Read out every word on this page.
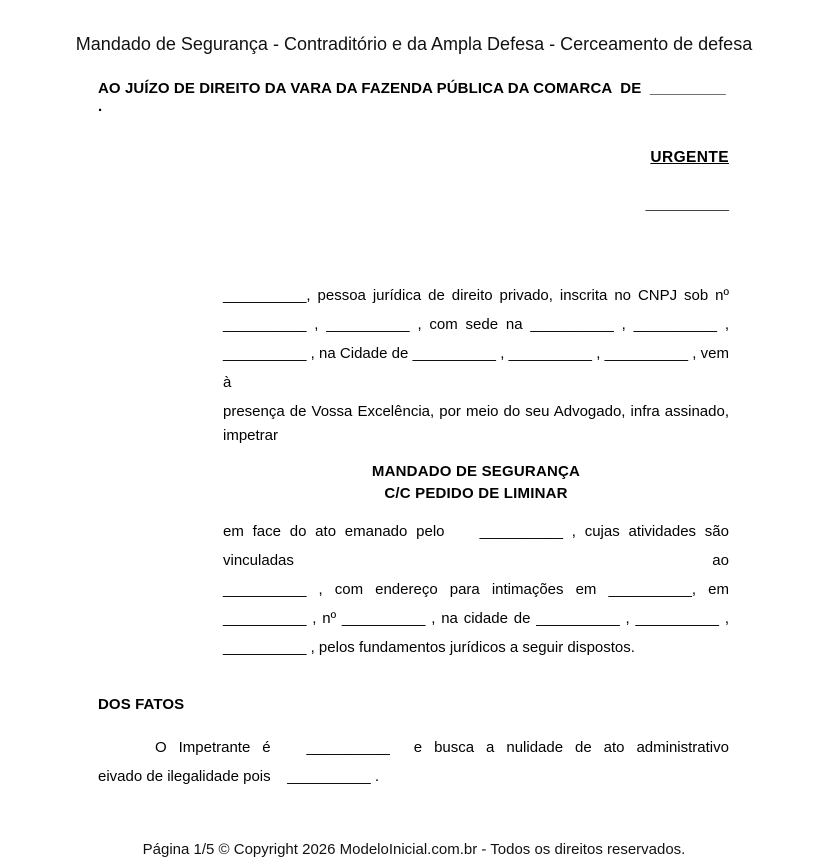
Mandado de Segurança - Contraditório e da Ampla Defesa - Cerceamento de defesa
AO JUÍZO DE DIREITO DA VARA DA FAZENDA PÚBLICA DA COMARCA  DE  _________ .
URGENTE
__________
__________, pessoa jurídica de direito privado, inscrita no CNPJ sob nº
__________ , __________ , com sede na __________ , __________ ,
__________ , na Cidade de __________ , __________ , __________ , vem à
presença de Vossa Excelência, por meio do seu Advogado, infra assinado,
impetrar
MANDADO DE SEGURANÇA
C/C PEDIDO DE LIMINAR
em face do ato emanado pelo    __________ , cujas atividades são vinculadas ao
__________ , com endereço para intimações em __________, em
__________ , nº __________ , na cidade de __________ , __________ ,
__________ , pelos fundamentos jurídicos a seguir dispostos.
DOS FATOS
O Impetrante é   __________  e busca a nulidade de ato administrativo
eivado de ilegalidade pois    __________ .
Página 1/5 © Copyright 2026 ModeloInicial.com.br - Todos os direitos reservados.
